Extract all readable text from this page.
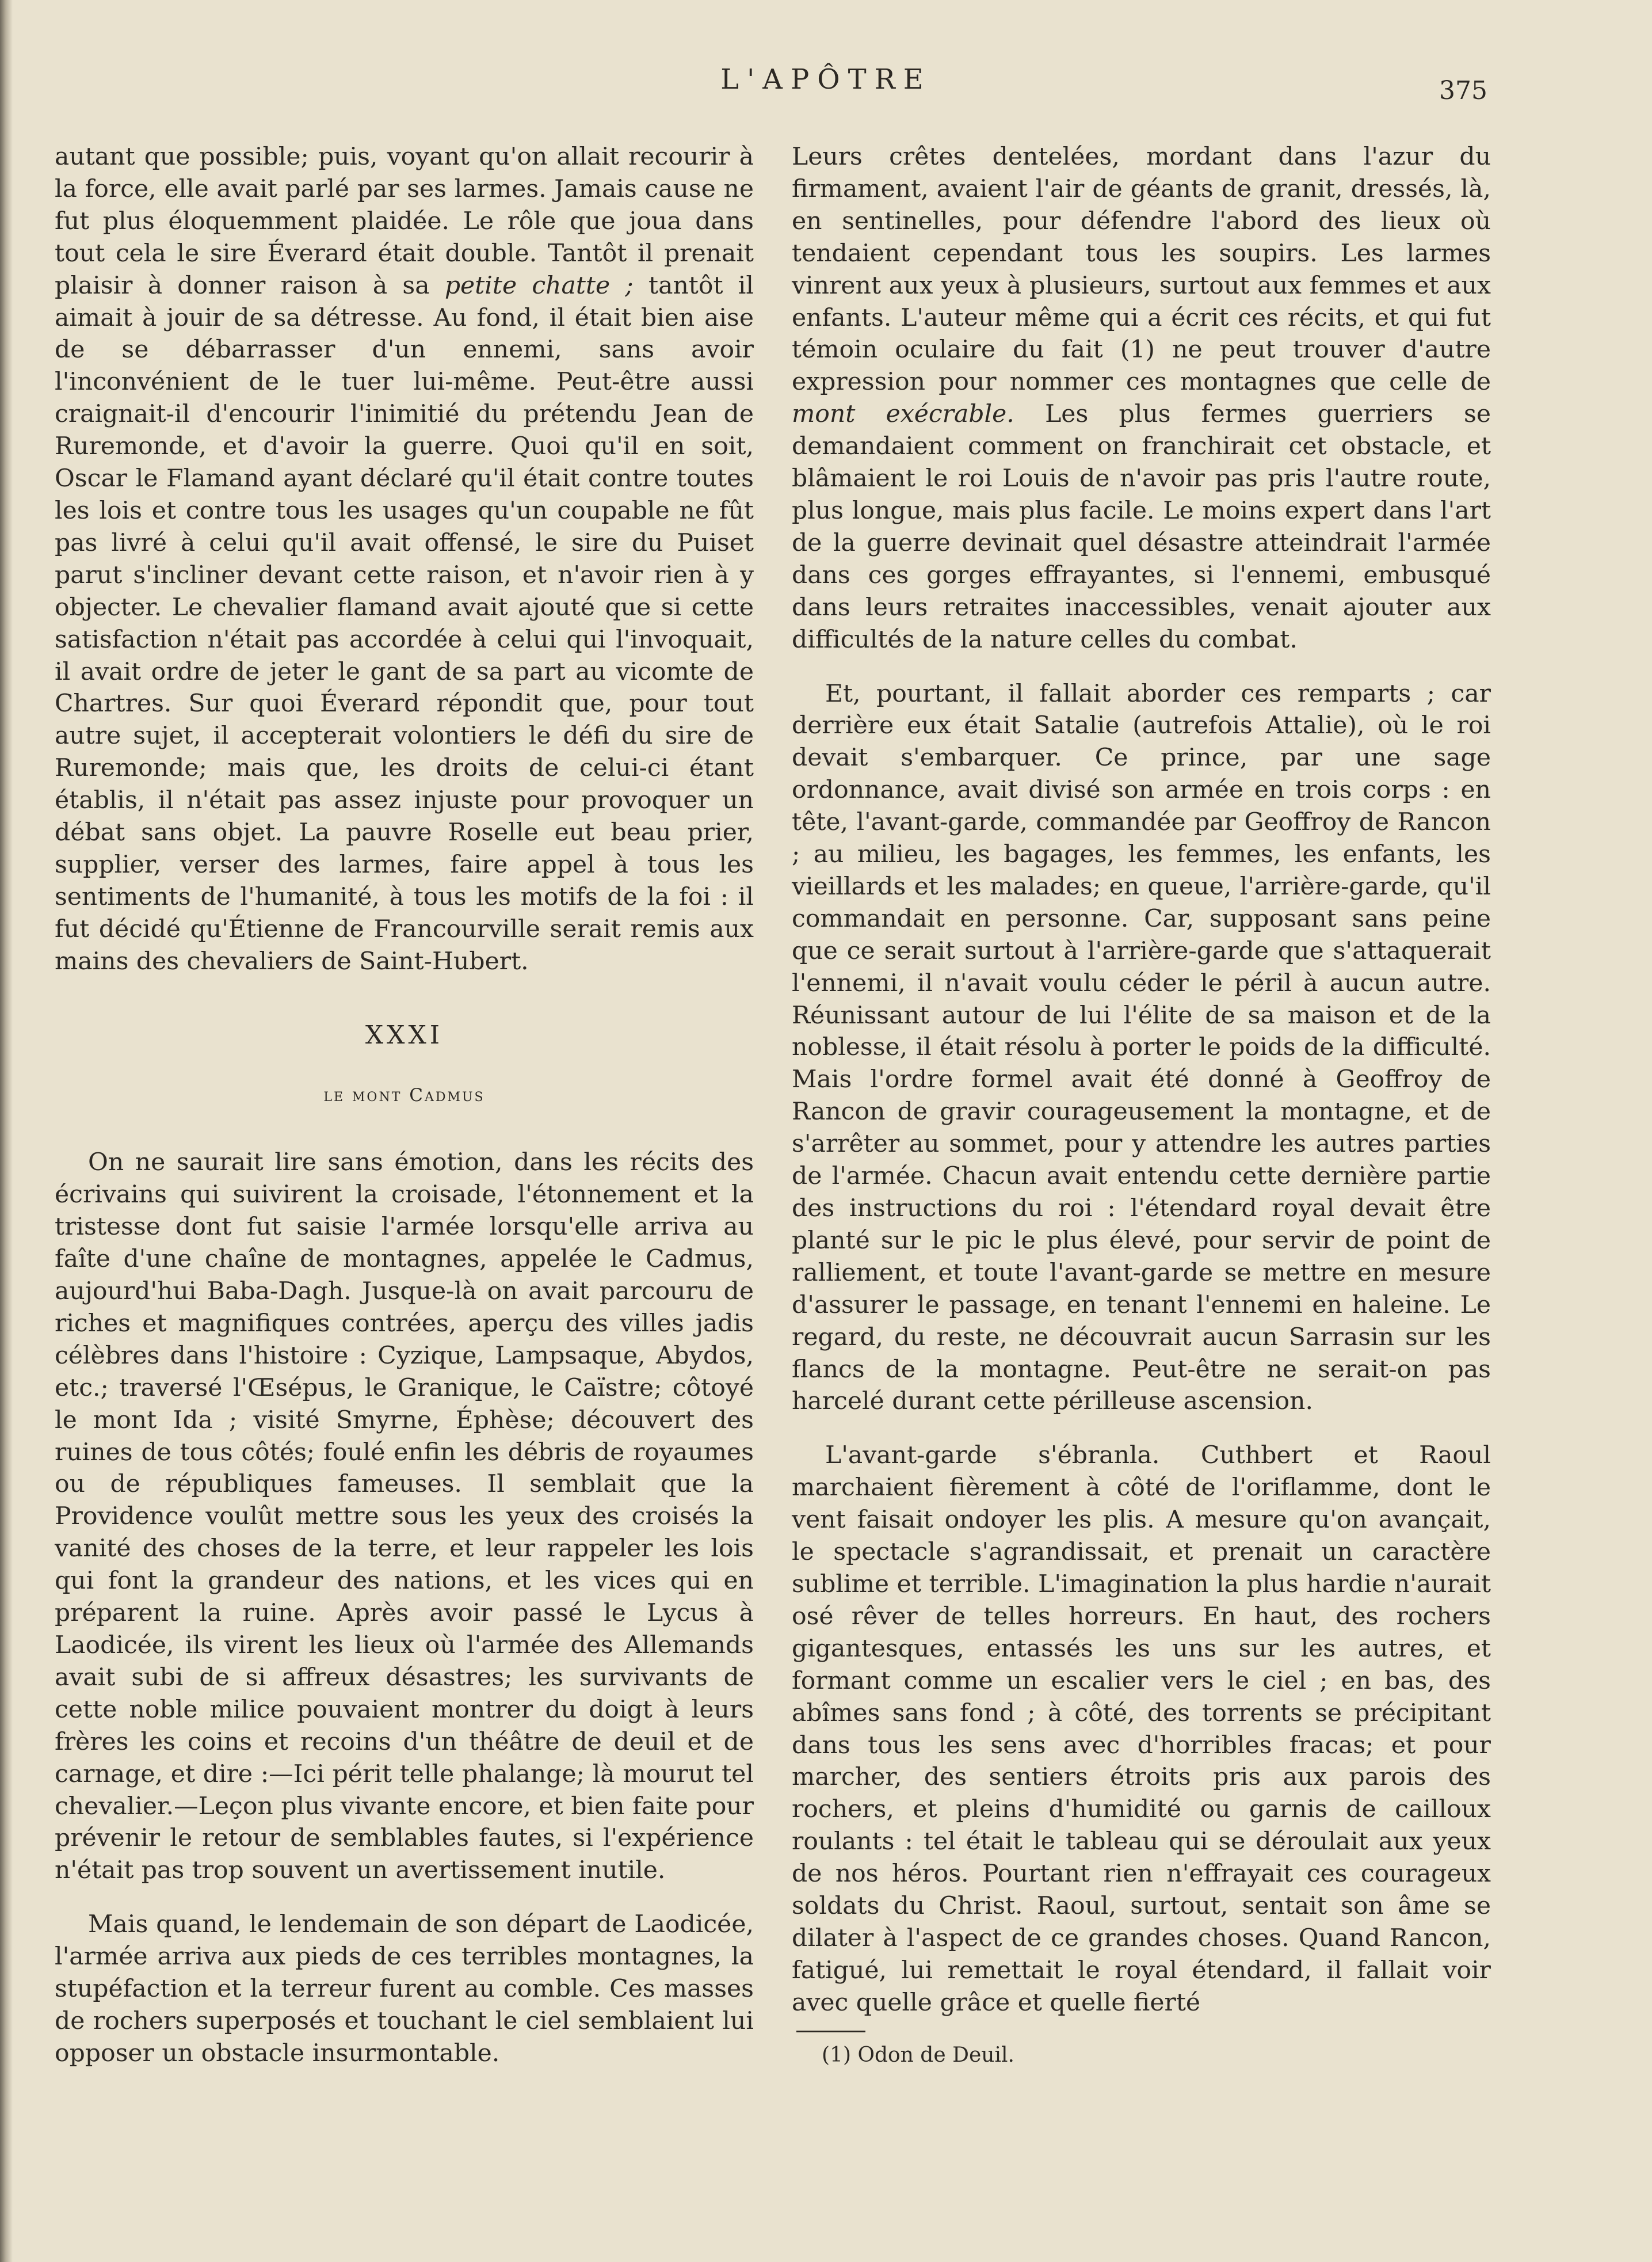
L'APÔTRE	375

autant que possible; puis, voyant qu'on allait recourir à la force, elle avait parlé par ses larmes. Jamais cause ne fut plus éloquemment plaidée. Le rôle que joua dans tout cela le sire Éverard était double. Tantôt il prenait plaisir à donner raison à sa petite chatte ; tantôt il aimait à jouir de sa détresse. Au fond, il était bien aise de se débarrasser d'un ennemi, sans avoir l'inconvénient de le tuer lui-même. Peut-être aussi craignait-il d'encourir l'inimitié du prétendu Jean de Ruremonde, et d'avoir la guerre. Quoi qu'il en soit, Oscar le Flamand ayant déclaré qu'il était contre toutes les lois et contre tous les usages qu'un coupable ne fût pas livré à celui qu'il avait offensé, le sire du Puiset parut s'incliner devant cette raison, et n'avoir rien à y objecter. Le chevalier flamand avait ajouté que si cette satisfaction n'était pas accordée à celui qui l'invoquait, il avait ordre de jeter le gant de sa part au vicomte de Chartres. Sur quoi Éverard répondit que, pour tout autre sujet, il accepterait volontiers le défi du sire de Ruremonde; mais que, les droits de celui-ci étant établis, il n'était pas assez injuste pour provoquer un débat sans objet. La pauvre Roselle eut beau prier, supplier, verser des larmes, faire appel à tous les sentiments de l'humanité, à tous les motifs de la foi : il fut décidé qu'Étienne de Francourville serait remis aux mains des chevaliers de Saint-Hubert.

XXXI
le mont Cadmus

On ne saurait lire sans émotion, dans les récits des écrivains qui suivirent la croisade, l'étonnement et la tristesse dont fut saisie l'armée lorsqu'elle arriva au faîte d'une chaîne de montagnes, appelée le Cadmus, aujourd'hui Baba-Dagh. Jusque-là on avait parcouru de riches et magnifiques contrées, aperçu des villes jadis célèbres dans l'histoire : Cyzique, Lampsaque, Abydos, etc.; traversé l'Œsépus, le Granique, le Caïstre; côtoyé le mont Ida ; visité Smyrne, Éphèse; découvert des ruines de tous côtés; foulé enfin les débris de royaumes ou de républiques fameuses. Il semblait que la Providence voulût mettre sous les yeux des croisés la vanité des choses de la terre, et leur rappeler les lois qui font la grandeur des nations, et les vices qui en préparent la ruine. Après avoir passé le Lycus à Laodicée, ils virent les lieux où l'armée des Allemands avait subi de si affreux désastres; les survivants de cette noble milice pouvaient montrer du doigt à leurs frères les coins et recoins d'un théâtre de deuil et de carnage, et dire :—Ici périt telle phalange; là mourut tel chevalier.—Leçon plus vivante encore, et bien faite pour prévenir le retour de semblables fautes, si l'expérience n'était pas trop souvent un avertissement inutile.

Mais quand, le lendemain de son départ de Laodicée, l'armée arriva aux pieds de ces terribles montagnes, la stupéfaction et la terreur furent au comble. Ces masses de rochers superposés et touchant le ciel semblaient lui opposer un obstacle insurmontable.

Leurs crêtes dentelées, mordant dans l'azur du firmament, avaient l'air de géants de granit, dressés, là, en sentinelles, pour défendre l'abord des lieux où tendaient cependant tous les soupirs. Les larmes vinrent aux yeux à plusieurs, surtout aux femmes et aux enfants. L'auteur même qui a écrit ces récits, et qui fut témoin oculaire du fait (1) ne peut trouver d'autre expression pour nommer ces montagnes que celle de mont exécrable. Les plus fermes guerriers se demandaient comment on franchirait cet obstacle, et blâmaient le roi Louis de n'avoir pas pris l'autre route, plus longue, mais plus facile. Le moins expert dans l'art de la guerre devinait quel désastre atteindrait l'armée dans ces gorges effrayantes, si l'ennemi, embusqué dans leurs retraites inaccessibles, venait ajouter aux difficultés de la nature celles du combat.

Et, pourtant, il fallait aborder ces remparts ; car derrière eux était Satalie (autrefois Attalie), où le roi devait s'embarquer. Ce prince, par une sage ordonnance, avait divisé son armée en trois corps : en tête, l'avant-garde, commandée par Geoffroy de Rancon ; au milieu, les bagages, les femmes, les enfants, les vieillards et les malades; en queue, l'arrière-garde, qu'il commandait en personne. Car, supposant sans peine que ce serait surtout à l'arrière-garde que s'attaquerait l'ennemi, il n'avait voulu céder le péril à aucun autre. Réunissant autour de lui l'élite de sa maison et de la noblesse, il était résolu à porter le poids de la difficulté. Mais l'ordre formel avait été donné à Geoffroy de Rancon de gravir courageusement la montagne, et de s'arrêter au sommet, pour y attendre les autres parties de l'armée. Chacun avait entendu cette dernière partie des instructions du roi : l'étendard royal devait être planté sur le pic le plus élevé, pour servir de point de ralliement, et toute l'avant-garde se mettre en mesure d'assurer le passage, en tenant l'ennemi en haleine. Le regard, du reste, ne découvrait aucun Sarrasin sur les flancs de la montagne. Peut-être ne serait-on pas harcelé durant cette périlleuse ascension.

L'avant-garde s'ébranla. Cuthbert et Raoul marchaient fièrement à côté de l'oriflamme, dont le vent faisait ondoyer les plis. A mesure qu'on avançait, le spectacle s'agrandissait, et prenait un caractère sublime et terrible. L'imagination la plus hardie n'aurait osé rêver de telles horreurs. En haut, des rochers gigantesques, entassés les uns sur les autres, et formant comme un escalier vers le ciel ; en bas, des abîmes sans fond ; à côté, des torrents se précipitant dans tous les sens avec d'horribles fracas; et pour marcher, des sentiers étroits pris aux parois des rochers, et pleins d'humidité ou garnis de cailloux roulants : tel était le tableau qui se déroulait aux yeux de nos héros. Pourtant rien n'effrayait ces courageux soldats du Christ. Raoul, surtout, sentait son âme se dilater à l'aspect de ce grandes choses. Quand Rancon, fatigué, lui remettait le royal étendard, il fallait voir avec quelle grâce et quelle fierté

(1) Odon de Deuil.
